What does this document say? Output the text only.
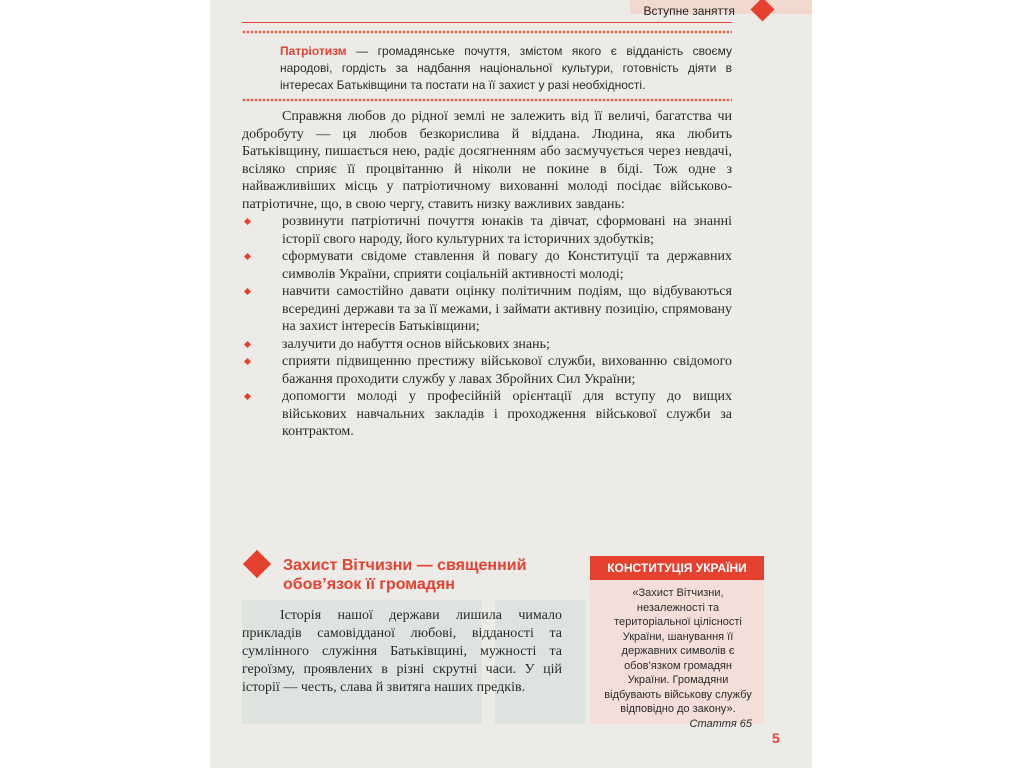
Вступне заняття
Патріотизм — громадянське почуття, змістом якого є відданість своєму народові, гордість за надбання національної культури, готовність діяти в інтересах Батьківщини та постати на її захист у разі необхідності.

Справжня любов до рідної землі не залежить від її величі, багатства чи добробуту — ця любов безкорислива й віддана. Людина, яка любить Батьківщину, пишається нею, радіє досягненням або засмучується через невдачі, всіляко сприяє її процвітанню й ніколи не покине в біді. Тож одне з найважливіших місць у патріотичному вихованні молоді посідає військово-патріотичне, що, в свою чергу, ставить низку важливих завдань:

розвинути патріотичні почуття юнаків та дівчат, сформовані на знанні історії свого народу, його культурних та історичних здобутків;
сформувати свідоме ставлення й повагу до Конституції та державних символів України, сприяти соціальній активності молоді;
навчити самостійно давати оцінку політичним подіям, що відбуваються всередині держави та за її межами, і займати активну позицію, спрямовану на захист інтересів Батьківщини;
залучити до набуття основ військових знань;
сприяти підвищенню престижу військової служби, вихованню свідомого бажання проходити службу у лавах Збройних Сил України;
допомогти молоді у професійній орієнтації для вступу до вищих військових навчальних закладів і проходження військової служби за контрактом.
Захист Вітчизни — священний обов’язок її громадян

Історія нашої держави лишила чимало прикладів самовідданої любові, відданості та сумлінного служіння Батьківщині, мужності та героїзму, проявлених в різні скрутні часи. У цій історії — честь, слава й звитяга наших предків.

КОНСТИТУЦІЯ УКРАЇНИ
«Захист Вітчизни, незалежності та територіальної цілісності України, шанування її державних символів є обов’язком громадян України. Громадяни відбувають військову службу відповідно до закону».
Стаття 65
5
